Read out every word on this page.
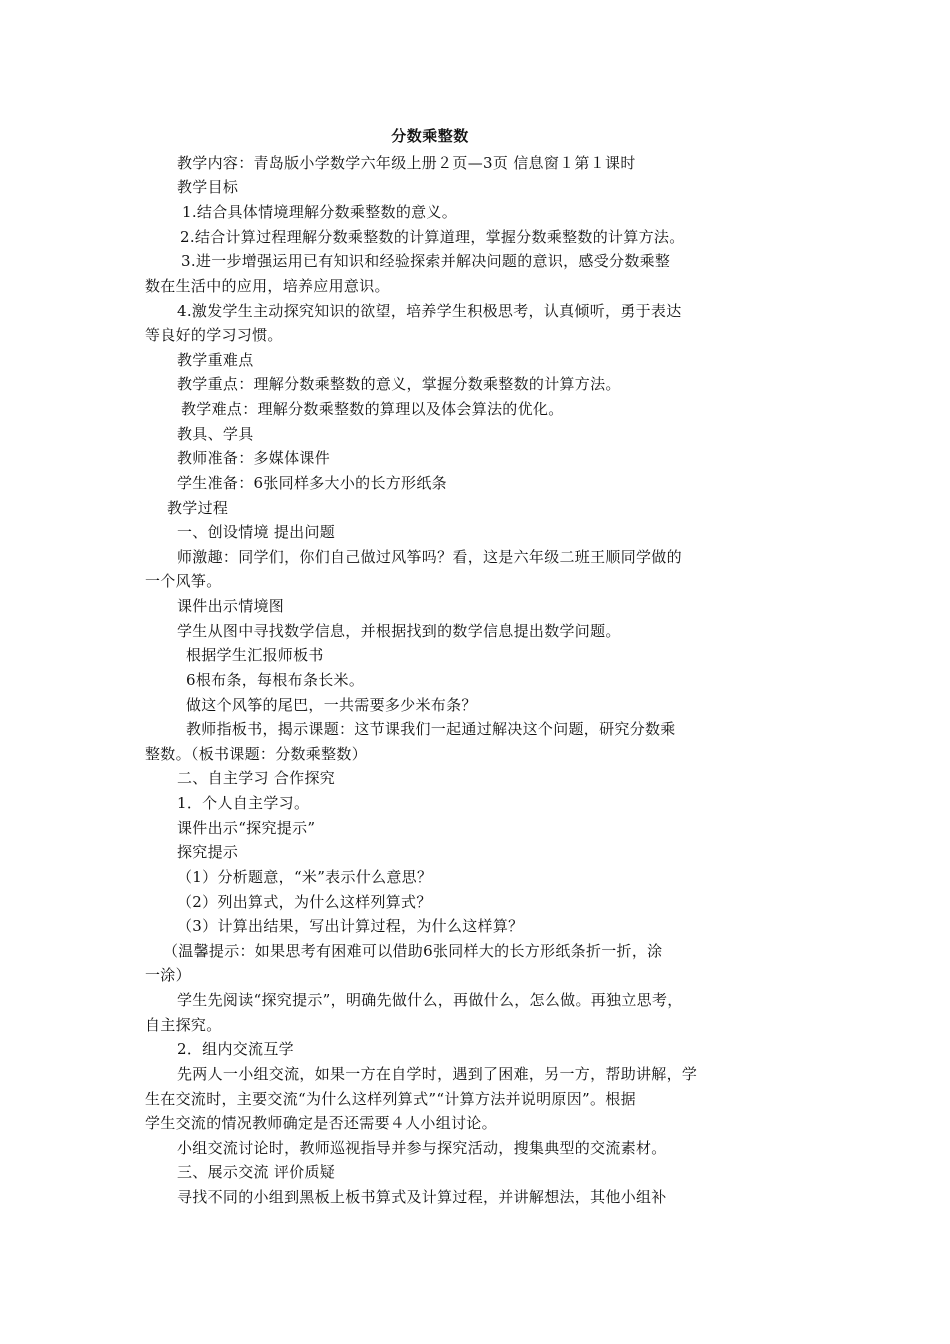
分数乘整数
教学内容：青岛版小学数学六年级上册２页—3页 信息窗１第１课时
教学目标
1.结合具体情境理解分数乘整数的意义。
2.结合计算过程理解分数乘整数的计算道理，掌握分数乘整数的计算方法。
3.进一步增强运用已有知识和经验探索并解决问题的意识，感受分数乘整
数在生活中的应用，培养应用意识。
4.激发学生主动探究知识的欲望，培养学生积极思考，认真倾听，勇于表达
等良好的学习习惯。
教学重难点
教学重点：理解分数乘整数的意义，掌握分数乘整数的计算方法。
教学难点：理解分数乘整数的算理以及体会算法的优化。
教具、学具
教师准备：多媒体课件
学生准备：6张同样多大小的长方形纸条
教学过程
一、创设情境 提出问题
师激趣：同学们，你们自己做过风筝吗？看，这是六年级二班王顺同学做的
一个风筝。
课件出示情境图
学生从图中寻找数学信息，并根据找到的数学信息提出数学问题。
根据学生汇报师板书
6根布条，每根布条长米。
做这个风筝的尾巴，一共需要多少米布条？
教师指板书，揭示课题：这节课我们一起通过解决这个问题，研究分数乘
整数。（板书课题：分数乘整数）
二、自主学习 合作探究
1．个人自主学习。
课件出示“探究提示”
探究提示
（1）分析题意，“米”表示什么意思？
（2）列出算式，为什么这样列算式？
（3）计算出结果，写出计算过程，为什么这样算？
（温馨提示：如果思考有困难可以借助6张同样大的长方形纸条折一折，涂
一涂）
学生先阅读“探究提示”，明确先做什么，再做什么，怎么做。再独立思考，
自主探究。
2．组内交流互学
先两人一小组交流，如果一方在自学时，遇到了困难，另一方，帮助讲解，学
生在交流时，主要交流“为什么这样列算式”“计算方法并说明原因”。根据
学生交流的情况教师确定是否还需要４人小组讨论。
小组交流讨论时，教师巡视指导并参与探究活动，搜集典型的交流素材。
三、展示交流 评价质疑
寻找不同的小组到黑板上板书算式及计算过程，并讲解想法，其他小组补
